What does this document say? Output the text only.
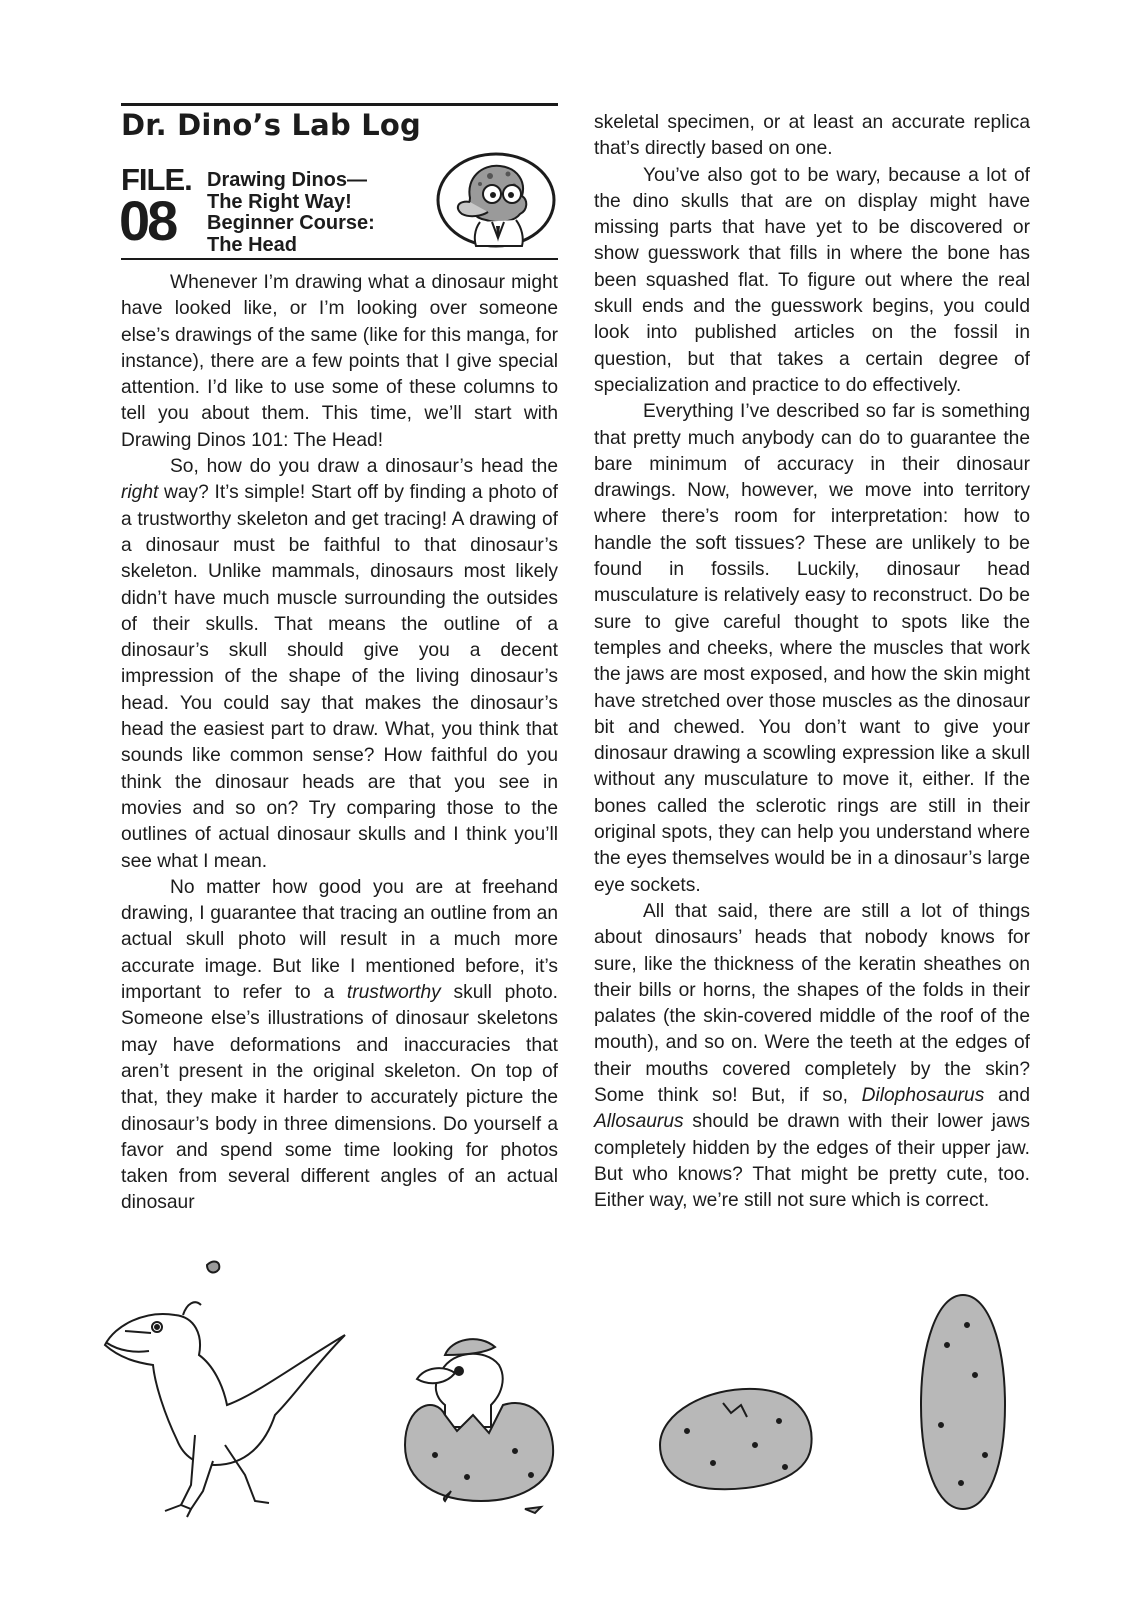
Dr. Dino’s Lab Log
FILE.
08
Drawing Dinos—
The Right Way!
Beginner Course:
The Head

Whenever I’m drawing what a dinosaur might have looked like, or I’m looking over someone else’s drawings of the same (like for this manga, for instance), there are a few points that I give special attention. I’d like to use some of these columns to tell you about them. This time, we’ll start with Drawing Dinos 101: The Head!

So, how do you draw a dinosaur’s head the right way? It’s simple! Start off by finding a photo of a trustworthy skeleton and get tracing! A drawing of a dinosaur must be faithful to that dinosaur’s skeleton. Unlike mammals, dinosaurs most likely didn’t have much muscle surrounding the outsides of their skulls. That means the outline of a dinosaur’s skull should give you a decent impression of the shape of the living dinosaur’s head. You could say that makes the dinosaur’s head the easiest part to draw. What, you think that sounds like common sense? How faithful do you think the dinosaur heads are that you see in movies and so on? Try comparing those to the outlines of actual dinosaur skulls and I think you’ll see what I mean.

No matter how good you are at freehand drawing, I guarantee that tracing an outline from an actual skull photo will result in a much more accurate image. But like I mentioned before, it’s important to refer to a trustworthy skull photo. Someone else’s illustrations of dinosaur skeletons may have deformations and inaccuracies that aren’t present in the original skeleton. On top of that, they make it harder to accurately picture the dinosaur’s body in three dimensions. Do yourself a favor and spend some time looking for photos taken from several different angles of an actual dinosaur

skeletal specimen, or at least an accurate replica that’s directly based on one.

You’ve also got to be wary, because a lot of the dino skulls that are on display might have missing parts that have yet to be discovered or show guesswork that fills in where the bone has been squashed flat. To figure out where the real skull ends and the guesswork begins, you could look into published articles on the fossil in question, but that takes a certain degree of specialization and practice to do effectively.

Everything I’ve described so far is something that pretty much anybody can do to guarantee the bare minimum of accuracy in their dinosaur drawings. Now, however, we move into territory where there’s room for interpretation: how to handle the soft tissues? These are unlikely to be found in fossils. Luckily, dinosaur head musculature is relatively easy to reconstruct. Do be sure to give careful thought to spots like the temples and cheeks, where the muscles that work the jaws are most exposed, and how the skin might have stretched over those muscles as the dinosaur bit and chewed. You don’t want to give your dinosaur drawing a scowling expression like a skull without any musculature to move it, either. If the bones called the sclerotic rings are still in their original spots, they can help you understand where the eyes themselves would be in a dinosaur’s large eye sockets.

All that said, there are still a lot of things about dinosaurs’ heads that nobody knows for sure, like the thickness of the keratin sheathes on their bills or horns, the shapes of the folds in their palates (the skin-covered middle of the roof of the mouth), and so on. Were the teeth at the edges of their mouths covered completely by the skin? Some think so! But, if so, Dilophosaurus and Allosaurus should be drawn with their lower jaws completely hidden by the edges of their upper jaw. But who knows? That might be pretty cute, too. Either way, we’re still not sure which is correct.
